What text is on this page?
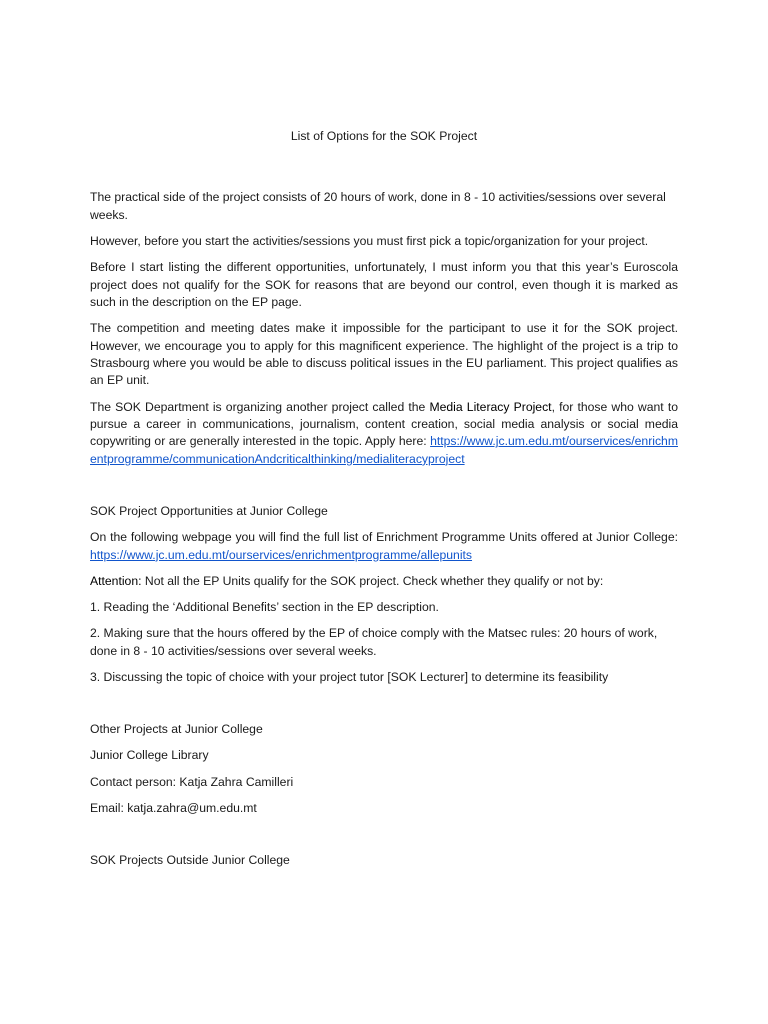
List of Options for the SOK Project

The practical side of the project consists of 20 hours of work, done in 8 - 10 activities/sessions over several weeks.

However, before you start the activities/sessions you must first pick a topic/organization for your project.

Before I start listing the different opportunities, unfortunately, I must inform you that this year’s Euroscola project does not qualify for the SOK for reasons that are beyond our control, even though it is marked as such in the description on the EP page.

The competition and meeting dates make it impossible for the participant to use it for the SOK project. However, we encourage you to apply for this magnificent experience. The highlight of the project is a trip to Strasbourg where you would be able to discuss political issues in the EU parliament. This project qualifies as an EP unit.

The SOK Department is organizing another project called the Media Literacy Project, for those who want to pursue a career in communications, journalism, content creation, social media analysis or social media copywriting or are generally interested in the topic. Apply here: https://www.jc.um.edu.mt/ourservices/enrichmentprogramme/communicationAndcriticalthinking/medialiteracyproject

SOK Project Opportunities at Junior College

On the following webpage you will find the full list of Enrichment Programme Units offered at Junior College: https://www.jc.um.edu.mt/ourservices/enrichmentprogramme/allepunits

Attention: Not all the EP Units qualify for the SOK project. Check whether they qualify or not by:

1. Reading the ‘Additional Benefits’ section in the EP description.

2. Making sure that the hours offered by the EP of choice comply with the Matsec rules: 20 hours of work, done in 8 - 10 activities/sessions over several weeks.

3. Discussing the topic of choice with your project tutor [SOK Lecturer] to determine its feasibility

Other Projects at Junior College

Junior College Library

Contact person: Katja Zahra Camilleri

Email: katja.zahra@um.edu.mt

SOK Projects Outside Junior College
